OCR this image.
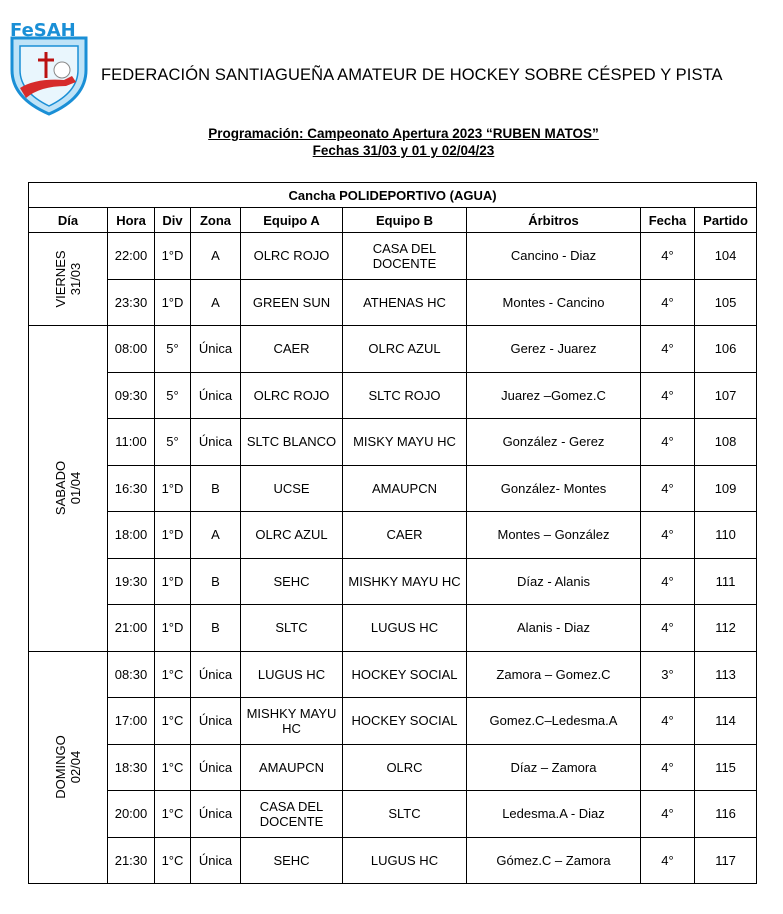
FeSAH
FEDERACIÓN SANTIAGUEÑA AMATEUR DE HOCKEY SOBRE CÉSPED Y PISTA
Programación: Campeonato Apertura 2023 “RUBEN MATOS”
Fechas 31/03 y 01 y 02/04/23
Cancha POLIDEPORTIVO (AGUA)								
Día	Hora	Div	Zona	Equipo A	Equipo B	Árbitros	Fecha	Partido

VIERNES 31/03	22:00	1°D	A	OLRC ROJO	CASA DEL DOCENTE	Cancino - Diaz	4°	104
	23:30	1°D	A	GREEN SUN	ATHENAS HC	Montes - Cancino	4°	105

SABADO 01/04	08:00	5°	Única	CAER	OLRC AZUL	Gerez - Juarez	4°	106
	09:30	5°	Única	OLRC ROJO	SLTC ROJO	Juarez –Gomez.C	4°	107
	11:00	5°	Única	SLTC BLANCO	MISKY MAYU HC	González - Gerez	4°	108
	16:30	1°D	B	UCSE	AMAUPCN	González- Montes	4°	109
	18:00	1°D	A	OLRC AZUL	CAER	Montes – González	4°	110
	19:30	1°D	B	SEHC	MISHKY MAYU HC	Díaz - Alanis	4°	111
	21:00	1°D	B	SLTC	LUGUS HC	Alanis - Diaz	4°	112

DOMINGO 02/04	08:30	1°C	Única	LUGUS HC	HOCKEY SOCIAL	Zamora – Gomez.C	3°	113
	17:00	1°C	Única	MISHKY MAYU HC	HOCKEY SOCIAL	Gomez.C–Ledesma.A	4°	114
	18:30	1°C	Única	AMAUPCN	OLRC	Díaz – Zamora	4°	115
	20:00	1°C	Única	CASA DEL DOCENTE	SLTC	Ledesma.A - Diaz	4°	116
	21:30	1°C	Única	SEHC	LUGUS HC	Gómez.C – Zamora	4°	117
